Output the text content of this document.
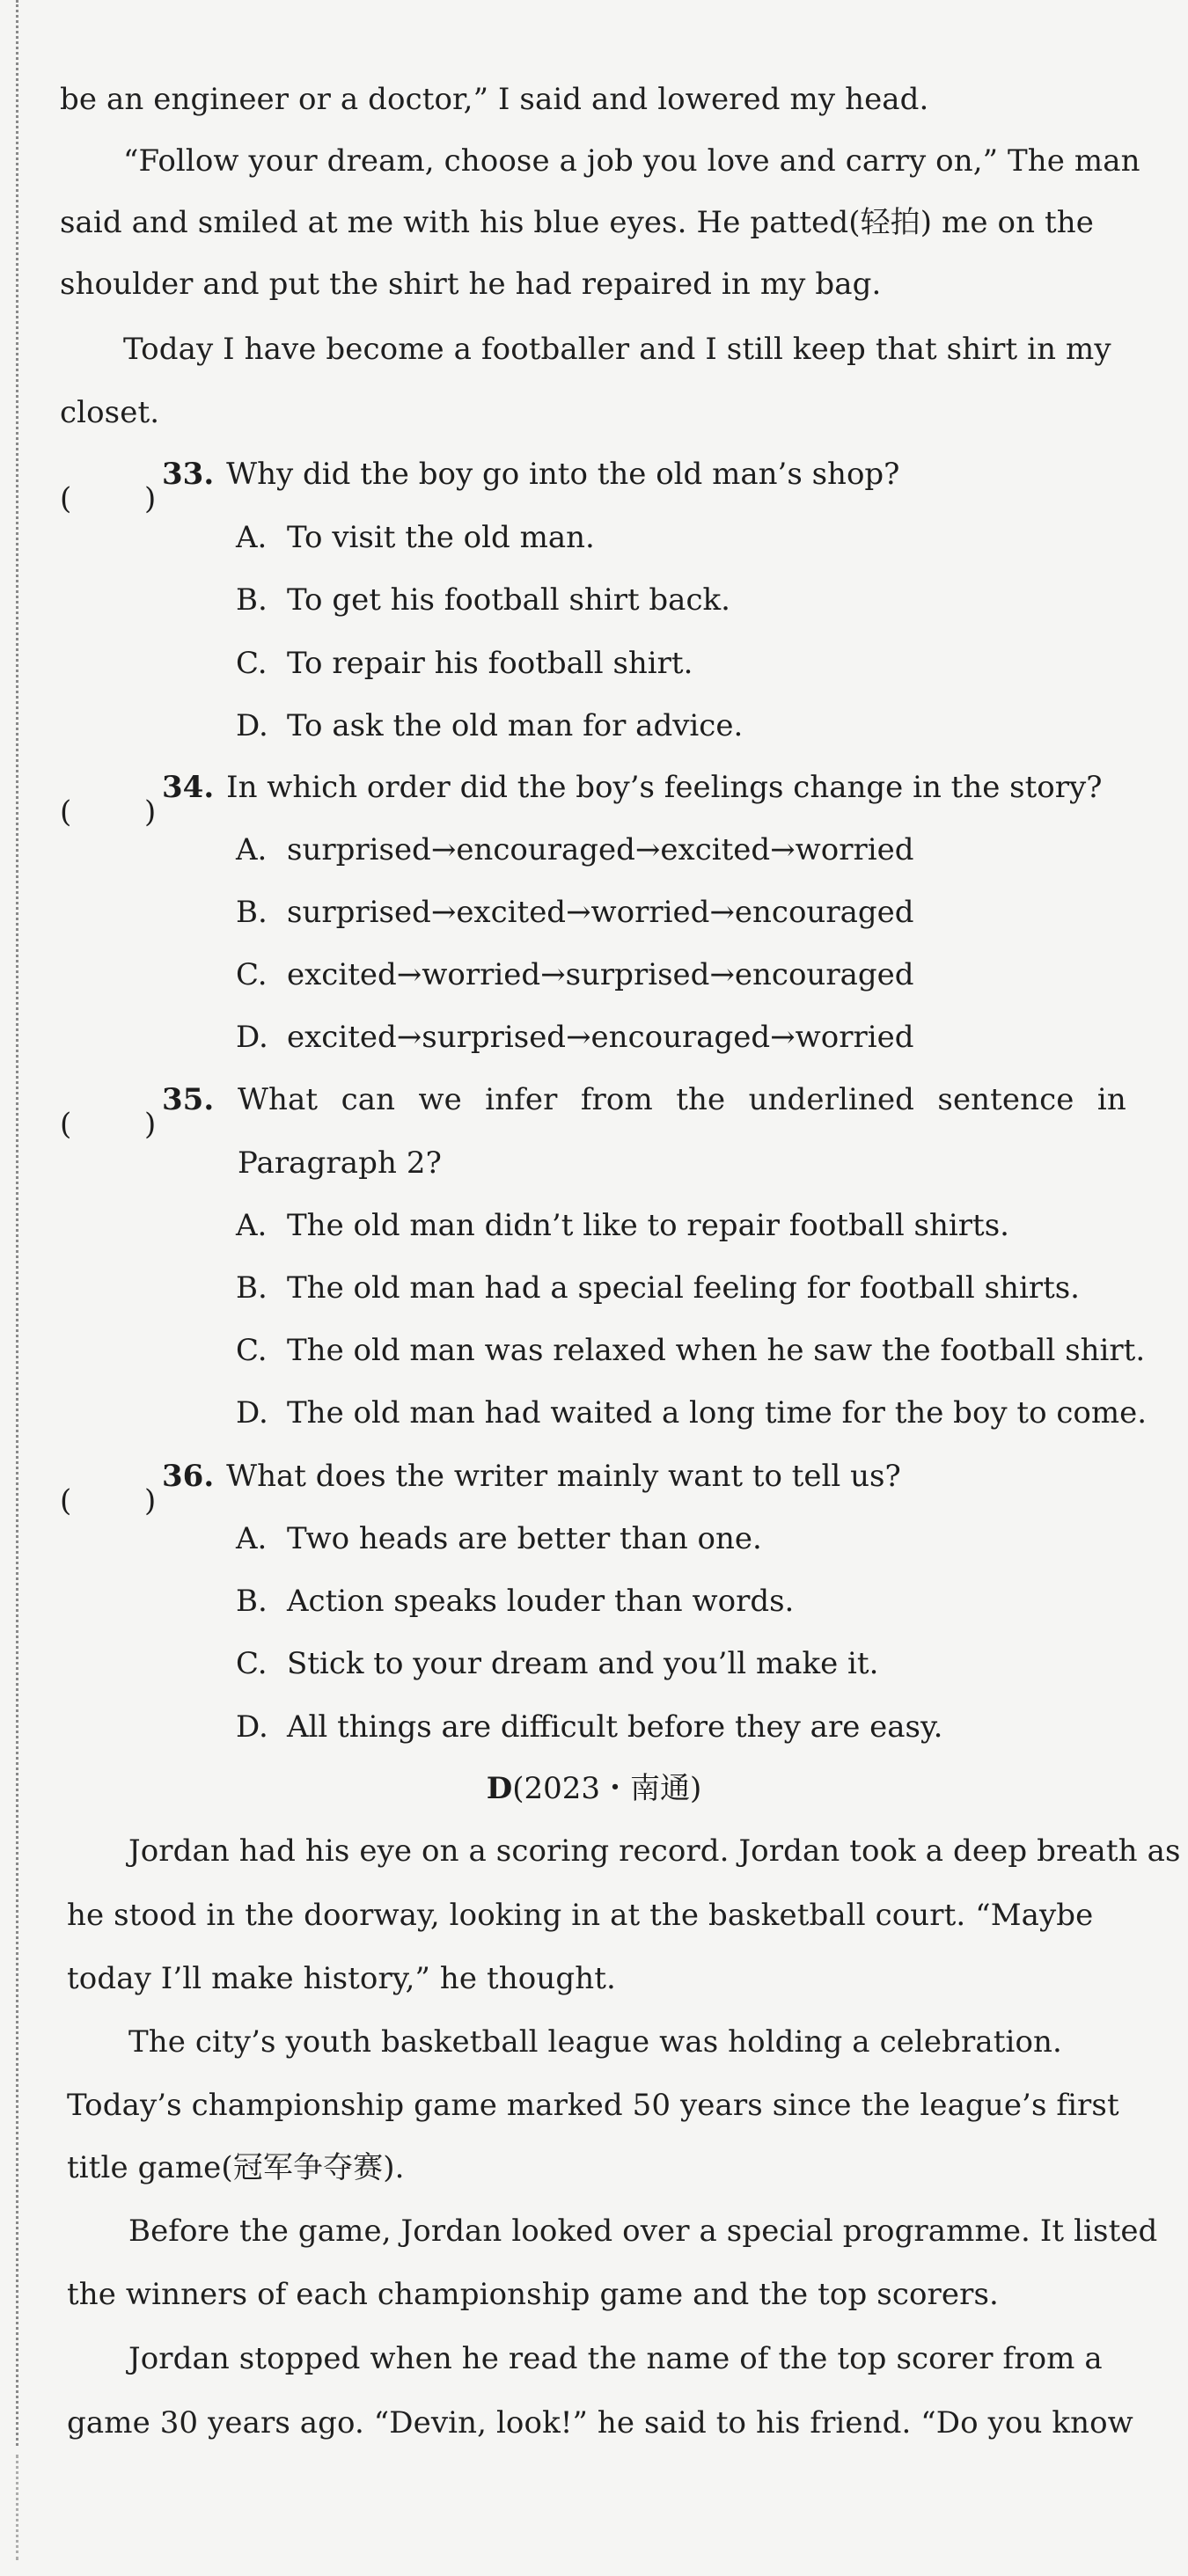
be an engineer or a doctor,” I said and lowered my head.
“Follow your dream, choose a job you love and carry on,” The man
said and smiled at me with his blue eyes. He patted(轻拍) me on the
shoulder and put the shirt he had repaired in my bag.
Today I have become a footballer and I still keep that shirt in my
closet.
( )
33. Why did the boy go into the old man’s shop?
A. To visit the old man.
B. To get his football shirt back.
C. To repair his football shirt.
D. To ask the old man for advice.
( )
34. In which order did the boy’s feelings change in the story?
A. surprised→encouraged→excited→worried
B. surprised→excited→worried→encouraged
C. excited→worried→surprised→encouraged
D. excited→surprised→encouraged→worried
( )
35. What can we infer from the underlined sentence in
Paragraph 2?
A. The old man didn’t like to repair football shirts.
B. The old man had a special feeling for football shirts.
C. The old man was relaxed when he saw the football shirt.
D. The old man had waited a long time for the boy to come.
( )
36. What does the writer mainly want to tell us?
A. Two heads are better than one.
B. Action speaks louder than words.
C. Stick to your dream and you’ll make it.
D. All things are difficult before they are easy.
D(2023・南通)
Jordan had his eye on a scoring record. Jordan took a deep breath as
he stood in the doorway, looking in at the basketball court. “Maybe
today I’ll make history,” he thought.
The city’s youth basketball league was holding a celebration.
Today’s championship game marked 50 years since the league’s first
title game(冠军争夺赛).
Before the game, Jordan looked over a special programme. It listed
the winners of each championship game and the top scorers.
Jordan stopped when he read the name of the top scorer from a
game 30 years ago. “Devin, look!” he said to his friend. “Do you know
